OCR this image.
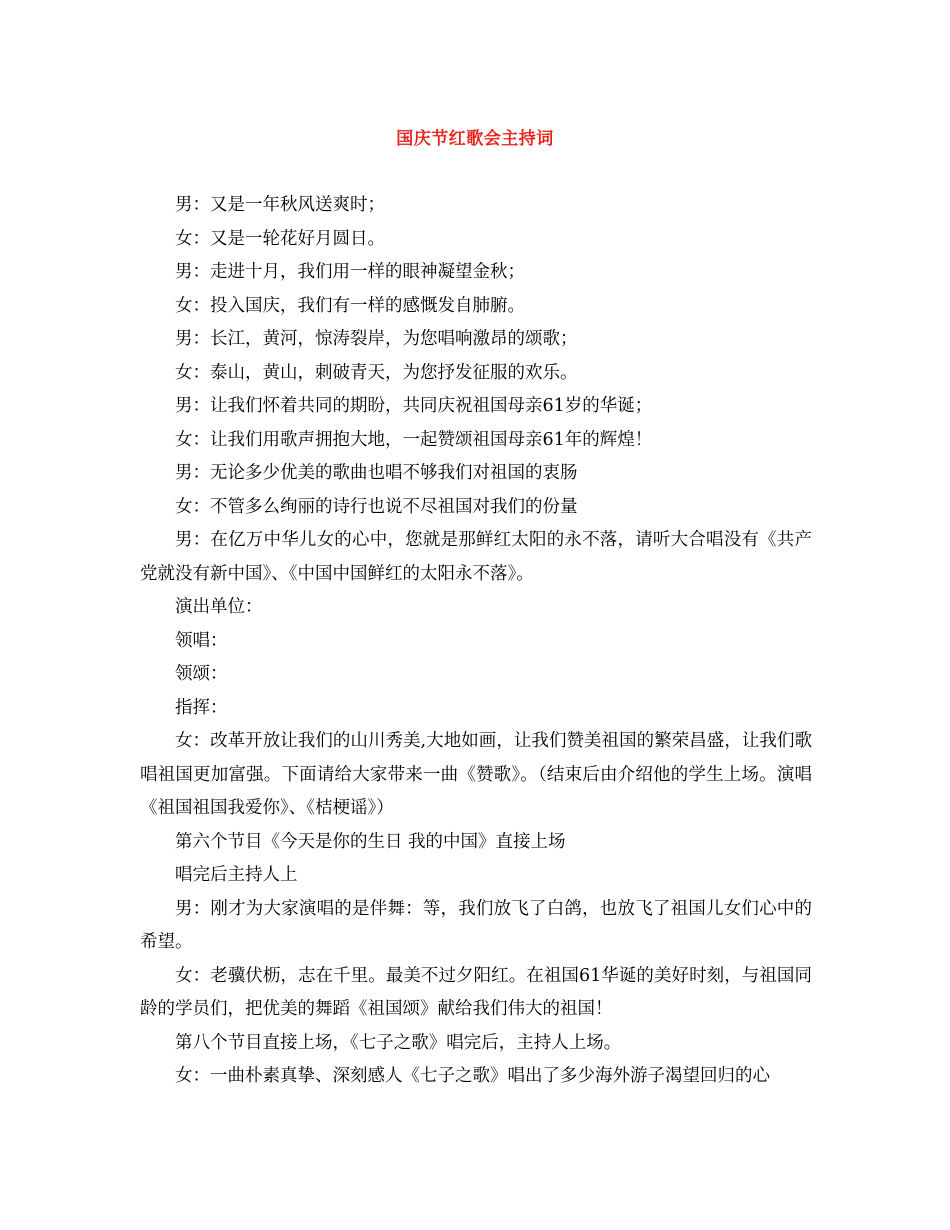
国庆节红歌会主持词

男：又是一年秋风送爽时；

女：又是一轮花好月圆日。

男：走进十月，我们用一样的眼神凝望金秋；

女：投入国庆，我们有一样的感慨发自肺腑。

男：长江，黄河，惊涛裂岸，为您唱响激昂的颂歌；

女：泰山，黄山，刺破青天，为您抒发征服的欢乐。

男：让我们怀着共同的期盼，共同庆祝祖国母亲61岁的华诞；

女：让我们用歌声拥抱大地，一起赞颂祖国母亲61年的辉煌！

男：无论多少优美的歌曲也唱不够我们对祖国的衷肠

女：不管多么绚丽的诗行也说不尽祖国对我们的份量

男：在亿万中华儿女的心中，您就是那鲜红太阳的永不落，请听大合唱没有《共产党就没有新中国》、《中国中国鲜红的太阳永不落》。

演出单位：

领唱：

领颂：

指挥：

女：改革开放让我们的山川秀美,大地如画，让我们赞美祖国的繁荣昌盛，让我们歌唱祖国更加富强。下面请给大家带来一曲《赞歌》。（结束后由介绍他的学生上场。演唱《祖国祖国我爱你》、《桔梗谣》）

第六个节目《今天是你的生日 我的中国》直接上场

唱完后主持人上

男：刚才为大家演唱的是伴舞：等，我们放飞了白鸽，也放飞了祖国儿女们心中的希望。

女：老骥伏枥，志在千里。最美不过夕阳红。在祖国61华诞的美好时刻，与祖国同龄的学员们，把优美的舞蹈《祖国颂》献给我们伟大的祖国！

第八个节目直接上场，《七子之歌》唱完后，主持人上场。

女：一曲朴素真挚、深刻感人《七子之歌》唱出了多少海外游子渴望回归的心
